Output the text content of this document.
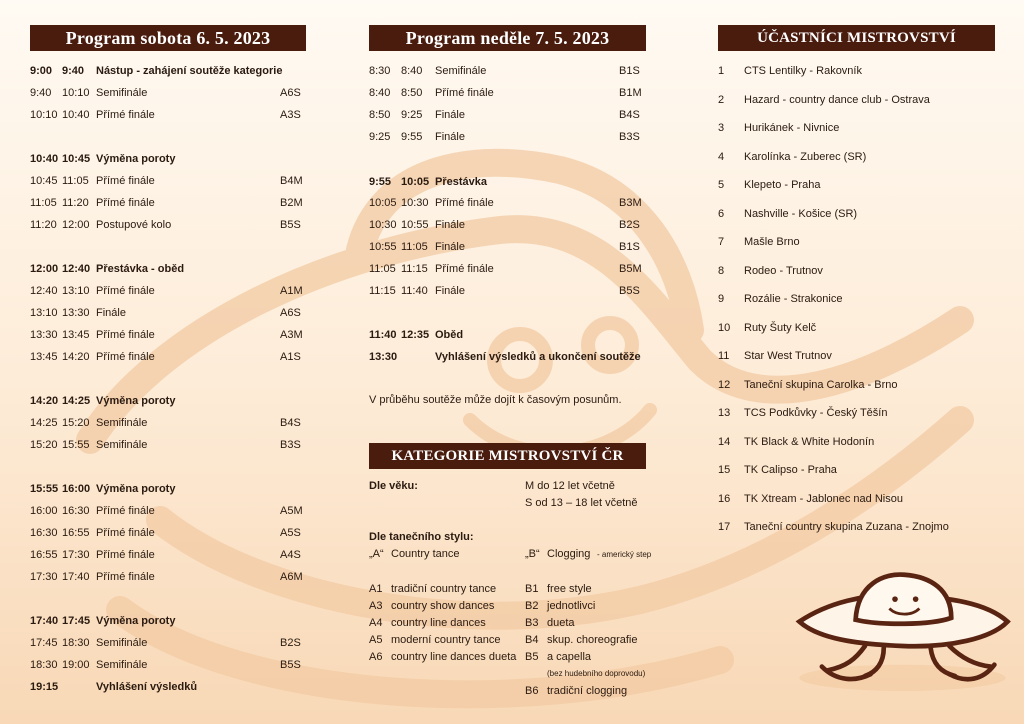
Program sobota 6. 5. 2023
9:00 9:40 Nástup - zahájení soutěže kategorie
9:40 10:10 Semifinále	A6S
10:10 10:40 Přímé finále	A3S
10:40 10:45 Výměna poroty
10:45 11:05 Přímé finále	B4M
11:05 11:20 Přímé finále	B2M
11:20 12:00 Postupové kolo	B5S
12:00 12:40 Přestávka - oběd
12:40 13:10 Přímé finále	A1M
13:10 13:30 Finále	A6S
13:30 13:45 Přímé finále	A3M
13:45 14:20 Přímé finále	A1S
14:20 14:25 Výměna poroty
14:25 15:20 Semifinále	B4S
15:20 15:55 Semifinále	B3S
15:55 16:00 Výměna poroty
16:00 16:30 Přímé finále	A5M
16:30 16:55 Přímé finále	A5S
16:55 17:30 Přímé finále	A4S
17:30 17:40 Přímé finále	A6M
17:40 17:45 Výměna poroty
17:45 18:30 Semifinále	B2S
18:30 19:00 Semifinále	B5S
19:15	Vyhlášení výsledků
Program neděle 7. 5. 2023
8:30 8:40 Semifinále	B1S
8:40 8:50 Přímé finále	B1M
8:50 9:25 Finále	B4S
9:25 9:55 Finále	B3S
9:55 10:05 Přestávka
10:05 10:30 Přímé finále	B3M
10:30 10:55 Finále	B2S
10:55 11:05 Finále	B1S
11:05 11:15 Přímé finále	B5M
11:15 11:40 Finále	B5S
11:40 12:35 Oběd
13:30	Vyhlášení výsledků a ukončení soutěže
V průběhu soutěže může dojít k časovým posunům.
KATEGORIE MISTROVSTVÍ ČR
Dle věku:	M do 12 let včetně
S od 13 – 18 let včetně
Dle tanečního stylu:
„A“ Country tance	„B“ Clogging - americký step
A1 tradiční country tance
A3 country show dances
A4 country line dances
A5 moderní country tance
A6 country line dances dueta
B1 free style
B2 jednotlivci
B3 dueta
B4 skup. choreografie
B5 a capella
B6 tradiční clogging
(bez hudebního doprovodu)
ÚČASTNÍCI MISTROVSTVÍ
1 CTS Lentilky - Rakovník
2 Hazard - country dance club - Ostrava
3 Hurikánek - Nivnice
4 Karolínka - Zuberec (SR)
5 Klepeto - Praha
6 Nashville - Košice (SR)
7 Mašle Brno
8 Rodeo - Trutnov
9 Rozálie - Strakonice
10 Ruty Šuty Kelč
11 Star West Trutnov
12 Taneční skupina Carolka - Brno
13 TCS Podkůvky - Český Těšín
14 TK Black & White Hodonín
15 TK Calipso - Praha
16 TK Xtream - Jablonec nad Nisou
17 Taneční country skupina Zuzana - Znojmo
